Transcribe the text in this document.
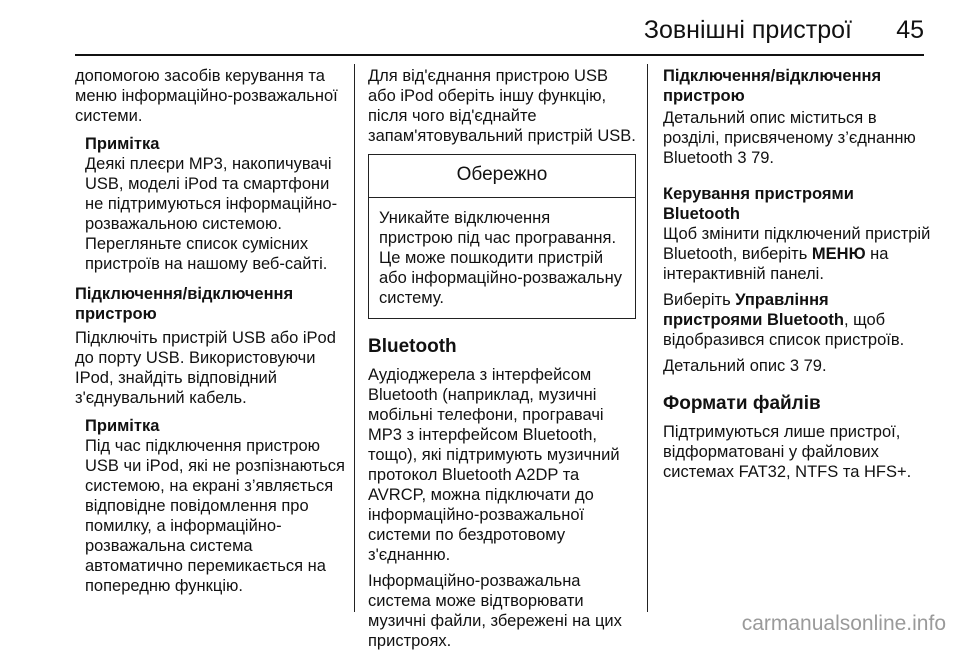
Зовнішні пристрої 45

допомогою засобів керування та меню інформаційно-розважальної системи.

Примітка
Деякі плеєри MP3, накопичувачі USB, моделі iPod та смартфони не підтримуються інформаційно-розважальною системою. Перегляньте список сумісних пристроїв на нашому веб-сайті.
Підключення/відключення пристрою

Підключіть пристрій USB або iPod до порту USB. Використовуючи IPod, знайдіть відповідний з'єднувальний кабель.

Примітка
Під час підключення пристрою USB чи iPod, які не розпізнаються системою, на екрані з’являється відповідне повідомлення про помилку, а інформаційно-розважальна система автоматично перемикається на попередню функцію.

Для від'єднання пристрою USB або iPod оберіть іншу функцію, після чого від'єднайте запам'ятовувальний пристрій USB.

Обережно
Уникайте відключення пристрою під час програвання. Це може пошкодити пристрій або інформаційно-розважальну систему.
Bluetooth

Аудіоджерела з інтерфейсом Bluetooth (наприклад, музичні мобільні телефони, програвачі MP3 з інтерфейсом Bluetooth, тощо), які підтримують музичний протокол Bluetooth A2DP та AVRCP, можна підключати до інформаційно-розважальної системи по бездротовому з'єднанню.

Інформаційно-розважальна система може відтворювати музичні файли, збережені на цих пристроях.

Підключення/відключення пристрою

Детальний опис міститься в розділі, присвяченому з’єднанню Bluetooth 3 79.

Керування пристроями Bluetooth

Щоб змінити підключений пристрій Bluetooth, виберіть МЕНЮ на інтерактивній панелі.

Виберіть Управління пристроями Bluetooth, щоб відобразився список пристроїв.

Детальний опис 3 79.

Формати файлів

Підтримуються лише пристрої, відформатовані у файлових системах FAT32, NTFS та HFS+.

carmanualsonline.info
